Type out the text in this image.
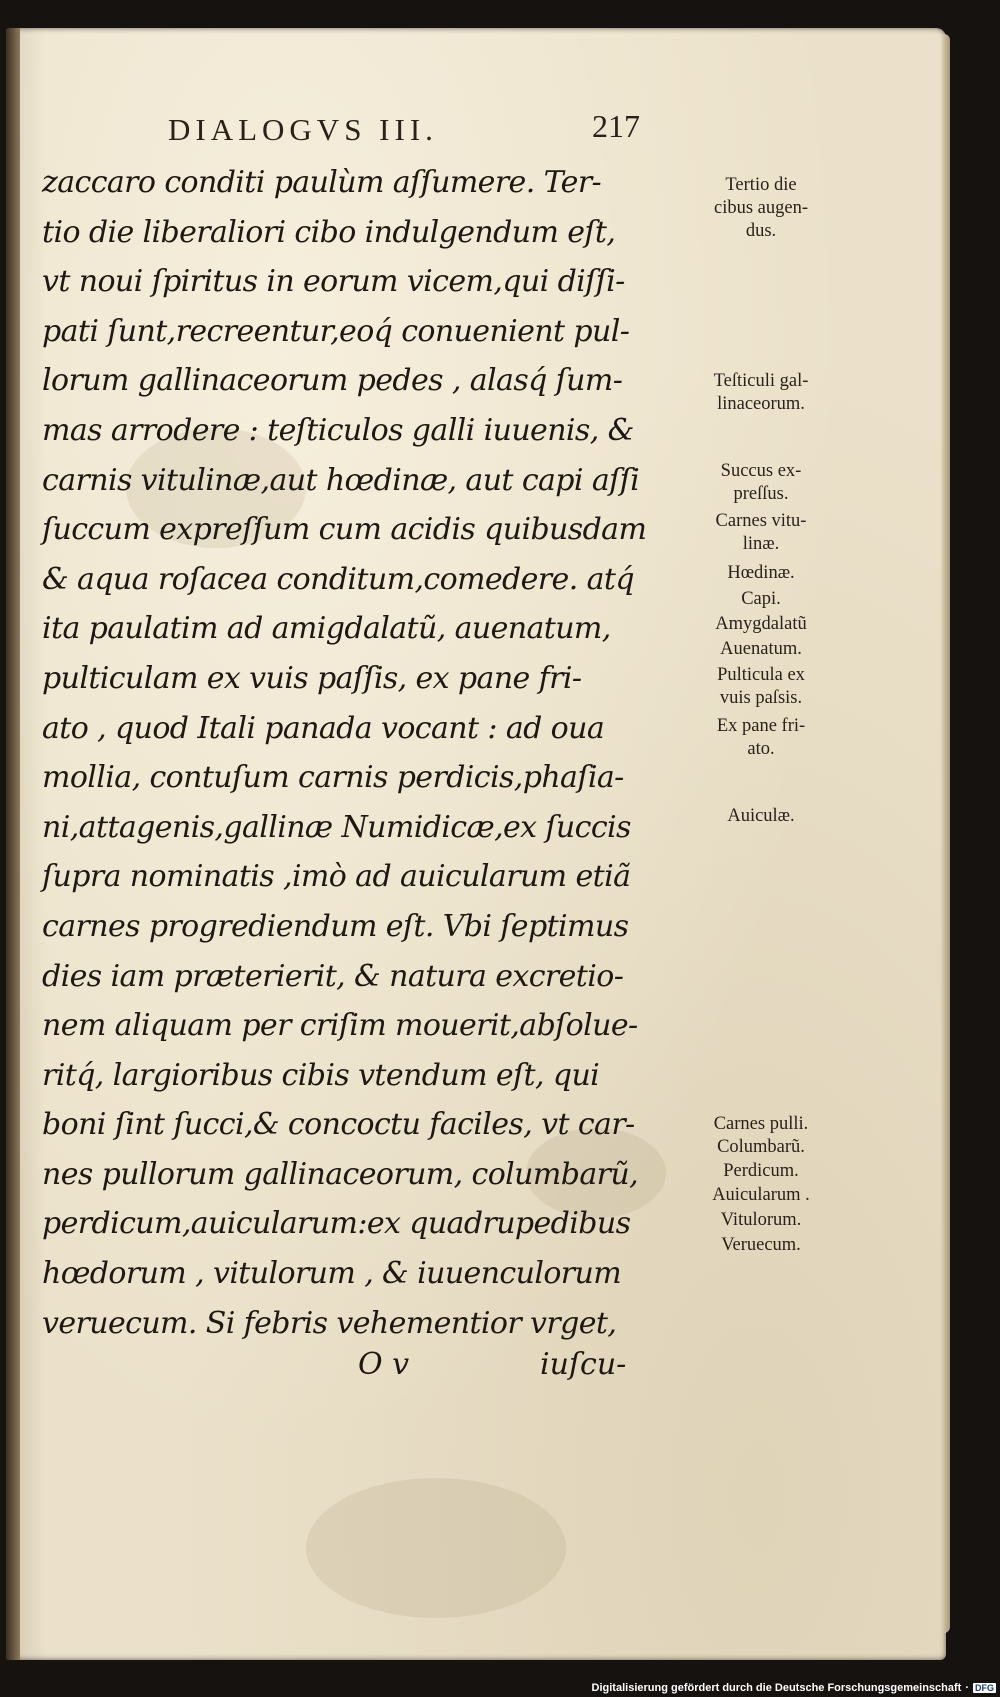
DIALOGVS III.	217
zaccaro conditi paulùm aſſumere. Ter-
tio die liberaliori cibo indulgendum eſt,
vt noui ſpiritus in eorum vicem,qui diſſi-
pati ſunt,recreentur,eoq́ conuenient pul-
lorum gallinaceorum pedes , alasq́ ſum-
mas arrodere : teſticulos galli iuuenis, &
carnis vitulinæ,aut hœdinæ, aut capi aſſi
ſuccum expreſſum cum acidis quibusdam
& aqua roſacea conditum,comedere. atq́
ita paulatim ad amigdalatũ, auenatum,
pulticulam ex vuis paſſis, ex pane fri-
ato , quod Itali panada vocant : ad oua
mollia, contuſum carnis perdicis,phaſia-
ni,attagenis,gallinæ Numidicæ,ex ſuccis
ſupra nominatis ,imò ad auicularum etiã
carnes progrediendum eſt. Vbi ſeptimus
dies iam præterierit, & natura excretio-
nem aliquam per criſim mouerit,abſolue-
ritq́, largioribus cibis vtendum eſt, qui
boni ſint ſucci,& concoctu faciles, vt car-
nes pullorum gallinaceorum, columbarũ,
perdicum,auicularum:ex quadrupedibus
hœdorum , vitulorum , & iuuenculorum
veruecum. Si febris vehementior vrget,
O v	iuſcu-
Tertio die
cibus augen-
dus.
Teſticuli gal-
linaceorum.
Succus ex-
preſſus.
Carnes vitu-
linæ.
Hœdinæ.
Capi.
Amygdalatũ
Auenatum.
Pulticula ex
vuis paſsis.
Ex pane fri-
ato.
Auiculæ.
Carnes pulli.
Columbarũ.
Perdicum.
Auicularum .
Vitulorum.
Veruecum.
Digitalisierung gefördert durch die Deutsche Forschungsgemeinschaft · DFG
